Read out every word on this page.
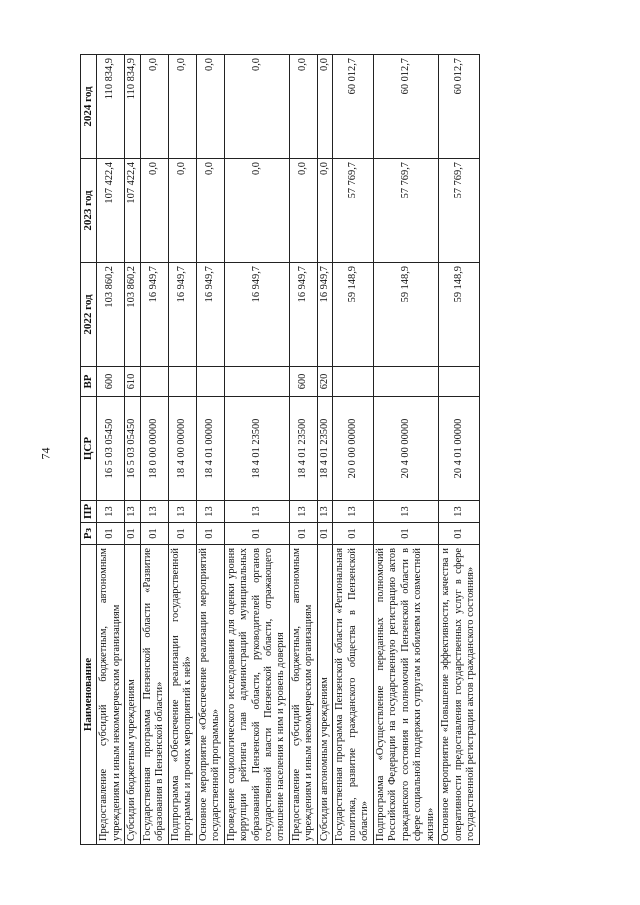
74
Наименование	Рз	ПР	ЦСР	ВР	2022 год	2023 год	2024 год
Предоставление субсидий бюджетным, автономным учреждениям и иным некоммерческим организациям	01	13	16 5 03 05450	600	103 860,2	107 422,4	110 834,9
Субсидии бюджетным учреждениям	01	13	16 5 03 05450	610	103 860,2	107 422,4	110 834,9
Государственная программа Пензенской области «Развитие образования в Пензенской области»	01	13	18 0 00 00000		16 949,7	0,0	0,0
Подпрограмма «Обеспечение реализации государственной программы и прочих мероприятий к ней»	01	13	18 4 00 00000		16 949,7	0,0	0,0
Основное мероприятие «Обеспечение реализации мероприятий государственной программы»	01	13	18 4 01 00000		16 949,7	0,0	0,0
Проведение социологического исследования для оценки уровня коррупции рейтинга глав администраций муниципальных образований Пензенской области, руководителей органов государственной власти Пензенской области, отражающего отношение населения к ним и уровень доверия	01	13	18 4 01 23500		16 949,7	0,0	0,0
Предоставление субсидий бюджетным, автономным учреждениям и иным некоммерческим организациям	01	13	18 4 01 23500	600	16 949,7	0,0	0,0
Субсидии автономным учреждениям	01	13	18 4 01 23500	620	16 949,7	0,0	0,0
Государственная программа Пензенской области «Региональная политика, развитие гражданского общества в Пензенской области»	01	13	20 0 00 00000		59 148,9	57 769,7	60 012,7
Подпрограмма «Осуществление переданных полномочий Российской Федерации на государственную регистрацию актов гражданского состояния и полномочий Пензенской области в сфере социальной поддержки супругам к юбилеям их совместной жизни»	01	13	20 4 00 00000		59 148,9	57 769,7	60 012,7
Основное мероприятие «Повышение эффективности, качества и оперативности предоставления государственных услуг в сфере государственной регистрации актов гражданского состояния»	01	13	20 4 01 00000		59 148,9	57 769,7	60 012,7
